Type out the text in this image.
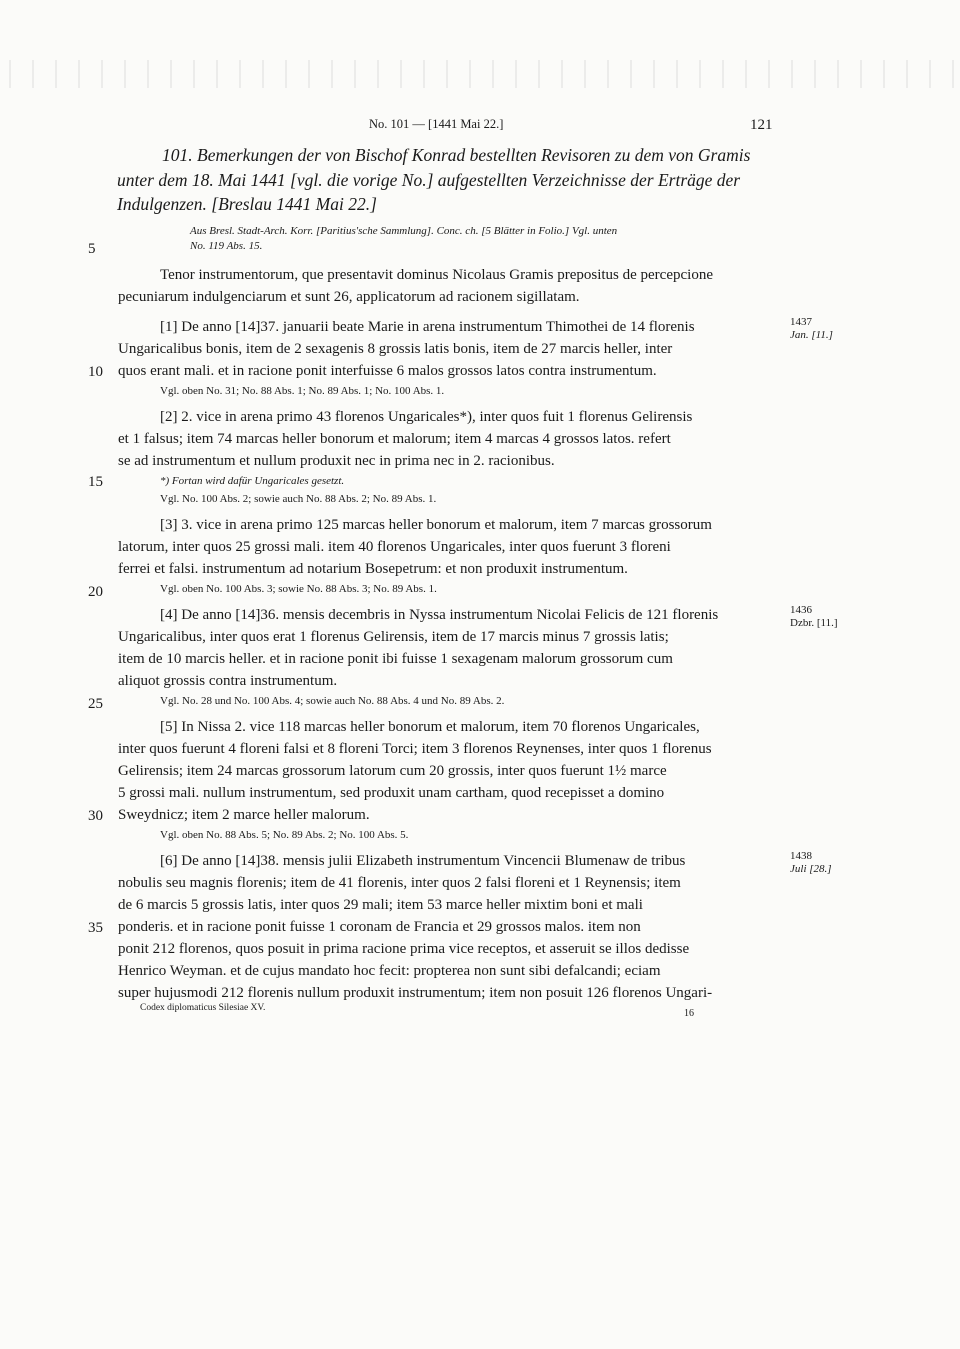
No. 101 — [1441 Mai 22.]	121
101. Bemerkungen der von Bischof Konrad bestellten Revisoren zu dem von Gramis
unter dem 18. Mai 1441 [vgl. die vorige No.] aufgestellten Verzeichnisse der Erträge der
Indulgenzen. [Breslau 1441 Mai 22.]
Aus Bresl. Stadt-Arch. Korr. [Paritius'sche Sammlung]. Conc. ch. [5 Blätter in Folio.] Vgl. unten
No. 119 Abs. 15.
Tenor instrumentorum, que presentavit dominus Nicolaus Gramis prepositus de percepcione
pecuniarum indulgenciarum et sunt 26, applicatorum ad racionem sigillatam.
[1] De anno [14]37. januarii beate Marie in arena instrumentum Thimothei de 14 florenis
Ungaricalibus bonis, item de 2 sexagenis 8 grossis latis bonis, item de 27 marcis heller, inter
quos erant mali. et in racione ponit interfuisse 6 malos grossos latos contra instrumentum.
Vgl. oben No. 31; No. 88 Abs. 1; No. 89 Abs. 1; No. 100 Abs. 1.
[2] 2. vice in arena primo 43 florenos Ungaricales*), inter quos fuit 1 florenus Gelirensis
et 1 falsus; item 74 marcas heller bonorum et malorum; item 4 marcas 4 grossos latos. refert
se ad instrumentum et nullum produxit nec in prima nec in 2. racionibus.
*) Fortan wird dafür Ungaricales gesetzt.
Vgl. No. 100 Abs. 2; sowie auch No. 88 Abs. 2; No. 89 Abs. 1.
[3] 3. vice in arena primo 125 marcas heller bonorum et malorum, item 7 marcas grossorum
latorum, inter quos 25 grossi mali. item 40 florenos Ungaricales, inter quos fuerunt 3 floreni
ferrei et falsi. instrumentum ad notarium Bosepetrum: et non produxit instrumentum.
Vgl. oben No. 100 Abs. 3; sowie No. 88 Abs. 3; No. 89 Abs. 1.
[4] De anno [14]36. mensis decembris in Nyssa instrumentum Nicolai Felicis de 121 florenis
Ungaricalibus, inter quos erat 1 florenus Gelirensis, item de 17 marcis minus 7 grossis latis;
item de 10 marcis heller. et in racione ponit ibi fuisse 1 sexagenam malorum grossorum cum
aliquot grossis contra instrumentum.
Vgl. No. 28 und No. 100 Abs. 4; sowie auch No. 88 Abs. 4 und No. 89 Abs. 2.
[5] In Nissa 2. vice 118 marcas heller bonorum et malorum, item 70 florenos Ungaricales,
inter quos fuerunt 4 floreni falsi et 8 floreni Torci; item 3 florenos Reynenses, inter quos 1 florenus
Gelirensis; item 24 marcas grossorum latorum cum 20 grossis, inter quos fuerunt 1½ marce
5 grossi mali. nullum instrumentum, sed produxit unam cartham, quod recepisset a domino
Sweydnicz; item 2 marce heller malorum.
Vgl. oben No. 88 Abs. 5; No. 89 Abs. 2; No. 100 Abs. 5.
[6] De anno [14]38. mensis julii Elizabeth instrumentum Vincencii Blumenaw de tribus
nobulis seu magnis florenis; item de 41 florenis, inter quos 2 falsi floreni et 1 Reynensis; item
de 6 marcis 5 grossis latis, inter quos 29 mali; item 53 marce heller mixtim boni et mali
ponderis. et in racione ponit fuisse 1 coronam de Francia et 29 grossos malos. item non
ponit 212 florenos, quos posuit in prima racione prima vice receptos, et asseruit se illos dedisse
Henrico Weyman. et de cujus mandato hoc fecit: propterea non sunt sibi defalcandi; eciam
super hujusmodi 212 florenis nullum produxit instrumentum; item non posuit 126 florenos Ungari-
5
10
15
20
25
30
35
1437
Jan. [11.]
1436
Dzbr. [11.]
1438
Juli [28.]
Codex diplomaticus Silesiae XV.	16
